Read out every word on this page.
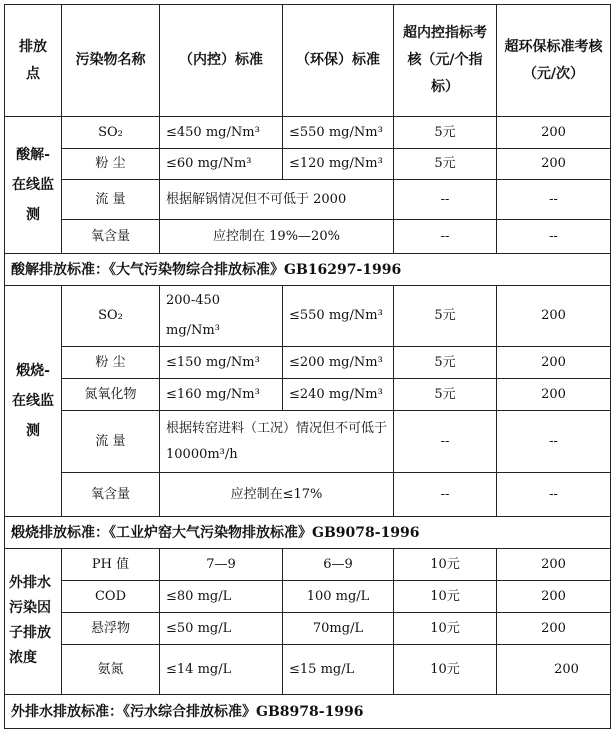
排放点	污染物名称	（内控）标准	（环保）标准	超内控指标考核（元/个指标）	超环保标准考核（元/次）
酸解-在线监测	SO₂	≤450 mg/Nm³	≤550 mg/Nm³	5元	200
	粉 尘	≤60 mg/Nm³	≤120 mg/Nm³	5元	200
	流 量	根据解锅情况但不可低于 2000		--	--
	氧含量	应控制在 19%—20%		--	--
酸解排放标准：《大气污染物综合排放标准》GB16297-1996					
煅烧-在线监测	SO₂	200-450 mg/Nm³	≤550 mg/Nm³	5元	200
	粉 尘	≤150 mg/Nm³	≤200 mg/Nm³	5元	200
	氮氧化物	≤160 mg/Nm³	≤240 mg/Nm³	5元	200
	流 量	根据转窑进料（工况）情况但不可低于 10000m³/h		--	--
	氧含量	应控制在≤17%		--	--
煅烧排放标准：《工业炉窑大气污染物排放标准》GB9078-1996					
外排水污染因子排放浓度	PH 值	7—9	6—9	10元	200
	COD	≤80 mg/L	100 mg/L	10元	200
	悬浮物	≤50 mg/L	70mg/L	10元	200
	氨氮	≤14 mg/L	≤15 mg/L	10元	200
外排水排放标准：《污水综合排放标准》GB8978-1996					
